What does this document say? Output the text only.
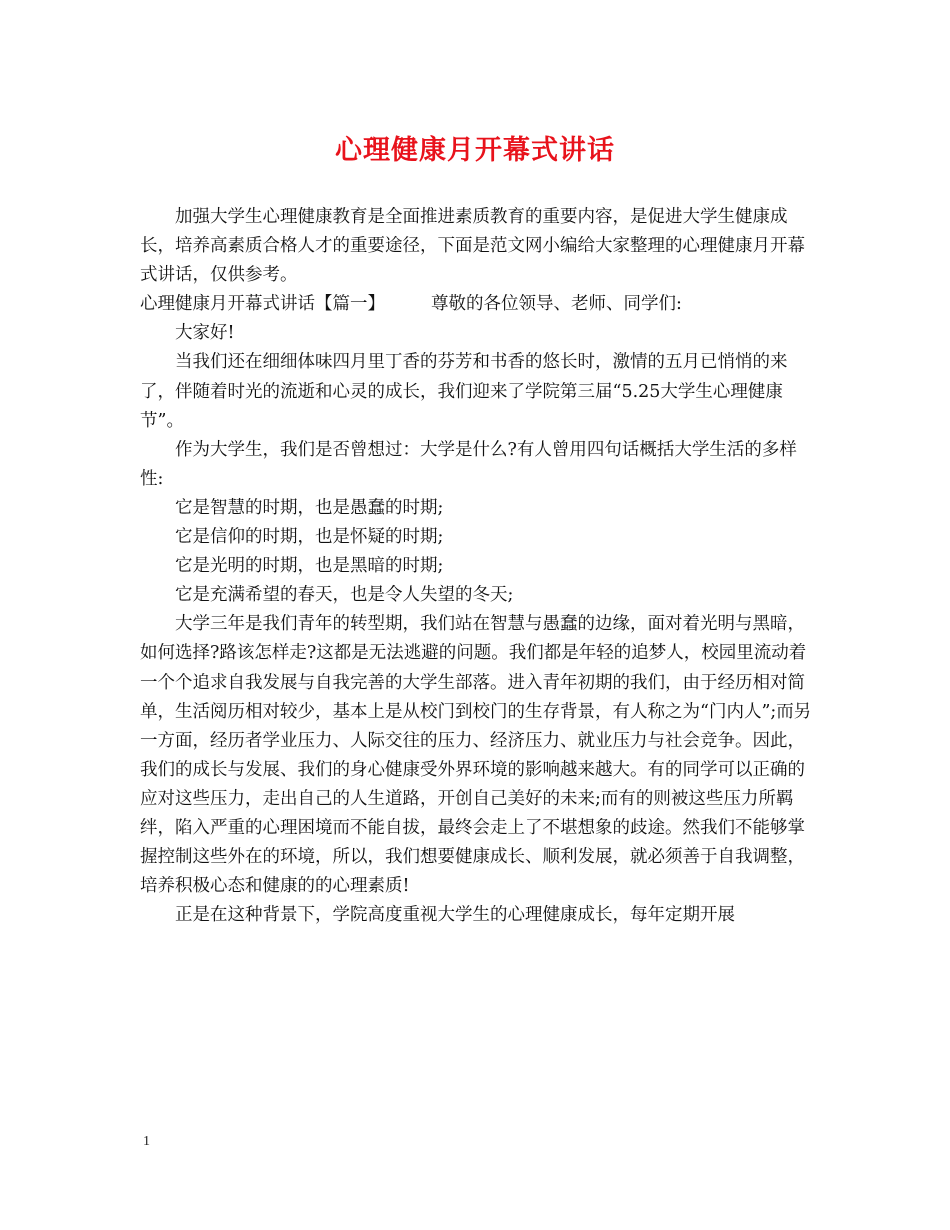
心理健康月开幕式讲话

加强大学生心理健康教育是全面推进素质教育的重要内容，是促进大学生健康成长，培养高素质合格人才的重要途径，下面是范文网小编给大家整理的心理健康月开幕式讲话，仅供参考。

心理健康月开幕式讲话【篇一】	尊敬的各位领导、老师、同学们:

大家好!

当我们还在细细体味四月里丁香的芬芳和书香的悠长时，激情的五月已悄悄的来了，伴随着时光的流逝和心灵的成长，我们迎来了学院第三届“5.25大学生心理健康节”。

作为大学生，我们是否曾想过：大学是什么?有人曾用四句话概括大学生活的多样性:

它是智慧的时期，也是愚蠢的时期;

它是信仰的时期，也是怀疑的时期;

它是光明的时期，也是黑暗的时期;

它是充满希望的春天，也是令人失望的冬天;

大学三年是我们青年的转型期，我们站在智慧与愚蠢的边缘，面对着光明与黑暗，如何选择?路该怎样走?这都是无法逃避的问题。我们都是年轻的追梦人，校园里流动着一个个追求自我发展与自我完善的大学生部落。进入青年初期的我们，由于经历相对简单，生活阅历相对较少，基本上是从校门到校门的生存背景，有人称之为“门内人”;而另一方面，经历者学业压力、人际交往的压力、经济压力、就业压力与社会竞争。因此，我们的成长与发展、我们的身心健康受外界环境的影响越来越大。有的同学可以正确的应对这些压力，走出自己的人生道路，开创自己美好的未来;而有的则被这些压力所羁绊，陷入严重的心理困境而不能自拔，最终会走上了不堪想象的歧途。然我们不能够掌握控制这些外在的环境，所以，我们想要健康成长、顺利发展，就必须善于自我调整，培养积极心态和健康的的心理素质!

正是在这种背景下，学院高度重视大学生的心理健康成长，每年定期开展

1
